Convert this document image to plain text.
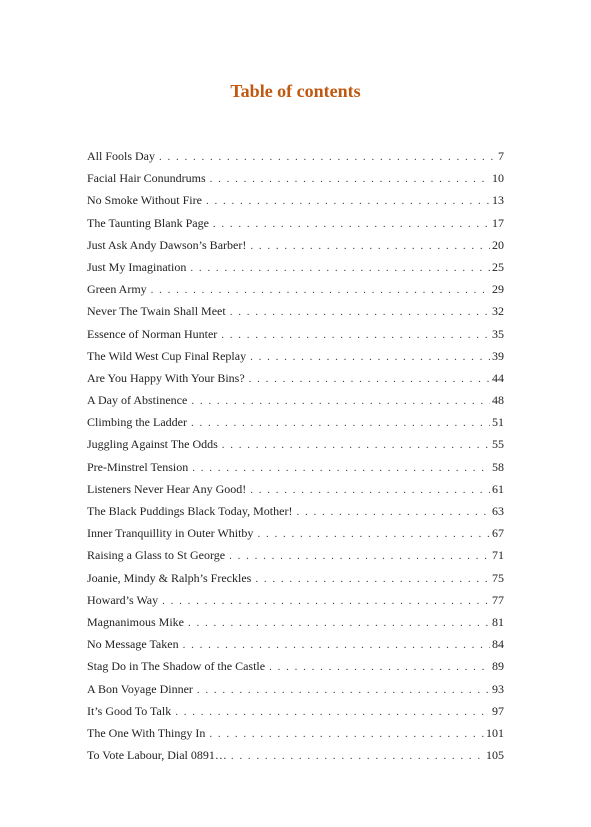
Table of contents
All Fools Day . . .	7
Facial Hair Conundrums . . .	10
No Smoke Without Fire . . .	13
The Taunting Blank Page . . .	17
Just Ask Andy Dawson’s Barber! . . .	20
Just My Imagination . . .	25
Green Army . . .	29
Never The Twain Shall Meet . . .	32
Essence of Norman Hunter . . .	35
The Wild West Cup Final Replay . . .	39
Are You Happy With Your Bins? . . .	44
A Day of Abstinence . . .	48
Climbing the Ladder . . .	51
Juggling Against The Odds . . .	55
Pre-Minstrel Tension . . .	58
Listeners Never Hear Any Good! . . .	61
The Black Puddings Black Today, Mother! . . .	63
Inner Tranquillity in Outer Whitby . . .	67
Raising a Glass to St George . . .	71
Joanie, Mindy & Ralph’s Freckles . . .	75
Howard’s Way . . .	77
Magnanimous Mike . . .	81
No Message Taken . . .	84
Stag Do in The Shadow of the Castle . . .	89
A Bon Voyage Dinner . . .	93
It’s Good To Talk . . .	97
The One With Thingy In . . .	101
To Vote Labour, Dial 0891… . . .	105
